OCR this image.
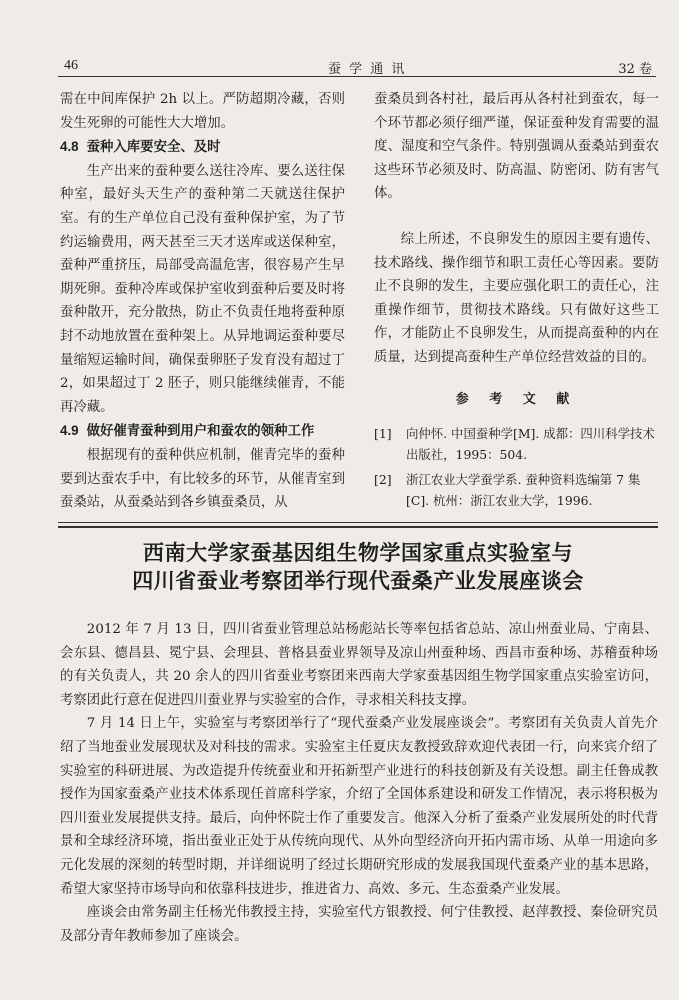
46	蚕 学 通 讯	32 卷

需在中间库保护 2h 以上。严防超期冷藏，否则发生死卵的可能性大大增加。

4.8 蚕种入库要安全、及时

生产出来的蚕种要么送往冷库、要么送往保种室，最好头天生产的蚕种第二天就送往保护室。有的生产单位自己没有蚕种保护室，为了节约运输费用，两天甚至三天才送库或送保种室，蚕种严重挤压，局部受高温危害，很容易产生早期死卵。蚕种冷库或保护室收到蚕种后要及时将蚕种散开，充分散热，防止不负责任地将蚕种原封不动地放置在蚕种架上。从异地调运蚕种要尽量缩短运输时间，确保蚕卵胚子发育没有超过丁 2，如果超过丁 2 胚子，则只能继续催青，不能再冷藏。

4.9 做好催青蚕种到用户和蚕农的领种工作

根据现有的蚕种供应机制，催青完毕的蚕种要到达蚕农手中，有比较多的环节，从催青室到蚕桑站，从蚕桑站到各乡镇蚕桑员，从

蚕桑员到各村社，最后再从各村社到蚕农，每一个环节都必须仔细严谨，保证蚕种发育需要的温度、湿度和空气条件。特别强调从蚕桑站到蚕农这些环节必须及时、防高温、防密闭、防有害气体。

综上所述，不良卵发生的原因主要有遗传、技术路线、操作细节和职工责任心等因素。要防止不良卵的发生，主要应强化职工的责任心，注重操作细节，贯彻技术路线。只有做好这些工作，才能防止不良卵发生，从而提高蚕种的内在质量，达到提高蚕种生产单位经营效益的目的。

参 考 文 献
[1]	向仲怀. 中国蚕种学[M]. 成都：四川科学技术出版社，1995：504.
[2]	浙江农业大学蚕学系. 蚕种资料选编第 7 集[C]. 杭州：浙江农业大学，1996.
西南大学家蚕基因组生物学国家重点实验室与
四川省蚕业考察团举行现代蚕桑产业发展座谈会

2012 年 7 月 13 日，四川省蚕业管理总站杨彪站长等率包括省总站、凉山州蚕业局、宁南县、会东县、德昌县、冕宁县、会理县、普格县蚕业界领导及凉山州蚕种场、西昌市蚕种场、苏稽蚕种场的有关负责人，共 20 余人的四川省蚕业考察团来西南大学家蚕基因组生物学国家重点实验室访问，考察团此行意在促进四川蚕业界与实验室的合作，寻求相关科技支撑。

7 月 14 日上午，实验室与考察团举行了“现代蚕桑产业发展座谈会”。考察团有关负责人首先介绍了当地蚕业发展现状及对科技的需求。实验室主任夏庆友教授致辞欢迎代表团一行，向来宾介绍了实验室的科研进展、为改造提升传统蚕业和开拓新型产业进行的科技创新及有关设想。副主任鲁成教授作为国家蚕桑产业技术体系现任首席科学家，介绍了全国体系建设和研发工作情况，表示将积极为四川蚕业发展提供支持。最后，向仲怀院士作了重要发言。他深入分析了蚕桑产业发展所处的时代背景和全球经济环境，指出蚕业正处于从传统向现代、从外向型经济向开拓内需市场、从单一用途向多元化发展的深刻的转型时期，并详细说明了经过长期研究形成的发展我国现代蚕桑产业的基本思路，希望大家坚持市场导向和依靠科技进步，推进省力、高效、多元、生态蚕桑产业发展。

座谈会由常务副主任杨光伟教授主持，实验室代方银教授、何宁佳教授、赵萍教授、秦俭研究员及部分青年教师参加了座谈会。
